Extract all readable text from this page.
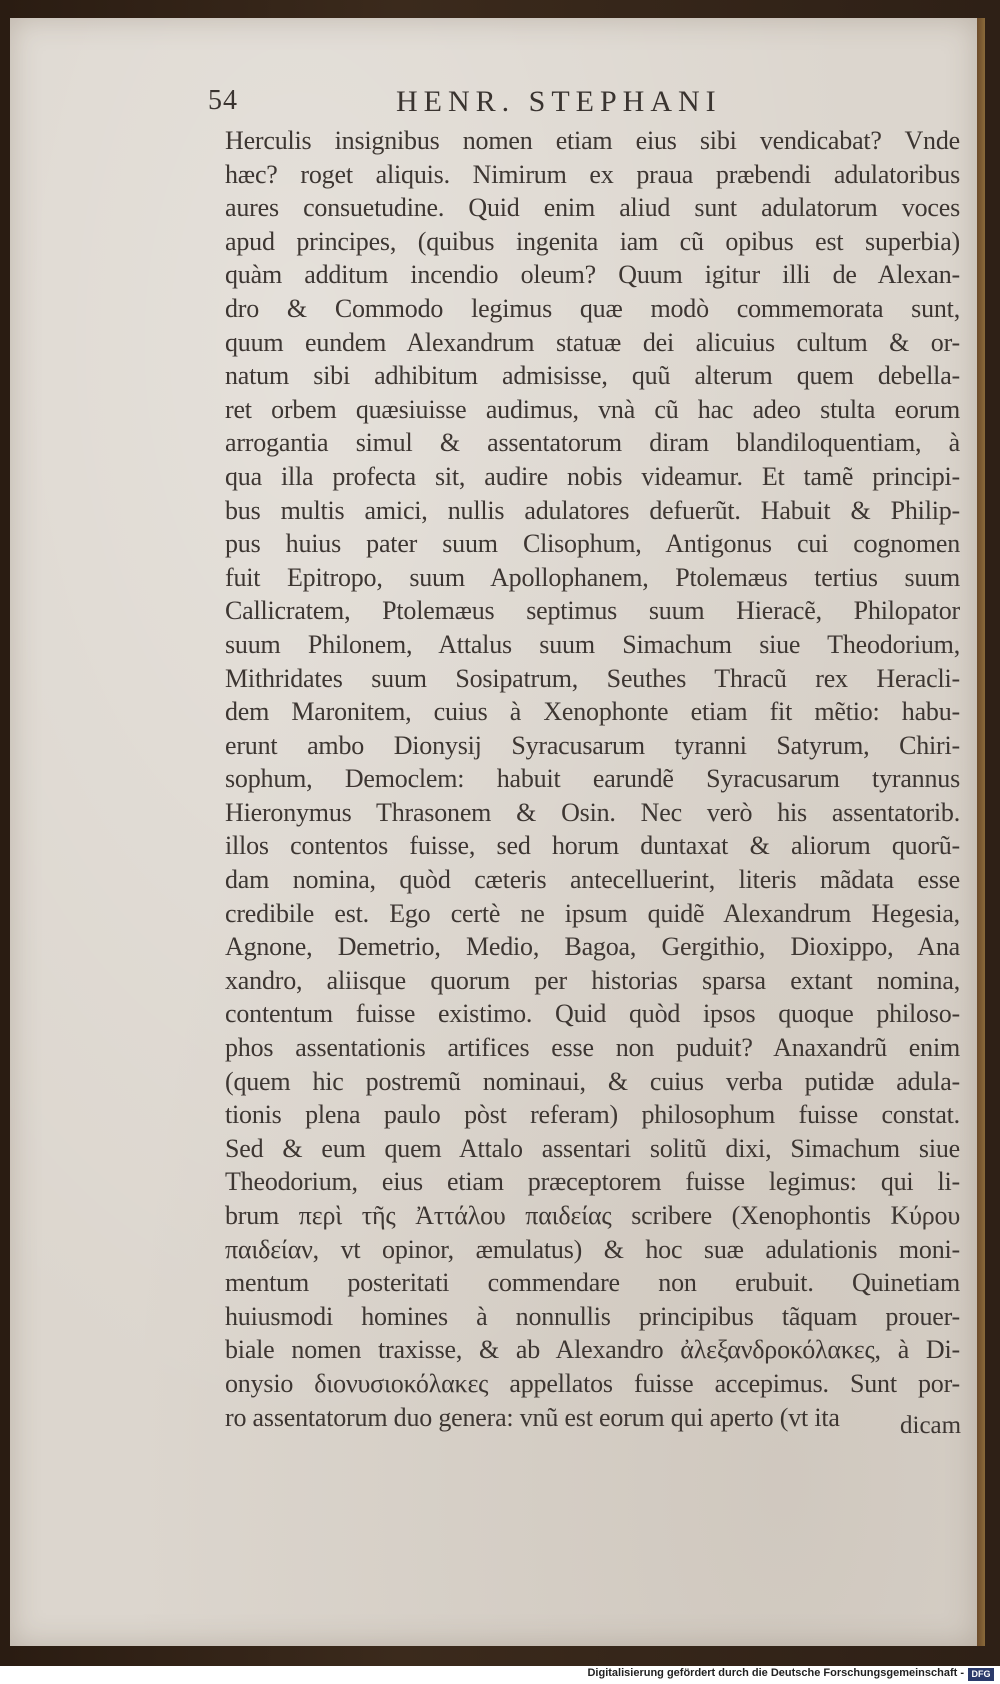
54	HENR. STEPHANI
Herculis insignibus nomen etiam eius sibi vendicabat? Vnde
hæc? roget aliquis. Nimirum ex praua præbendi adulatoribus
aures consuetudine. Quid enim aliud sunt adulatorum voces
apud principes, (quibus ingenita iam cũ opibus est superbia)
quàm additum incendio oleum? Quum igitur illi de Alexan-
dro & Commodo legimus quæ modò commemorata sunt,
quum eundem Alexandrum statuæ dei alicuius cultum & or-
natum sibi adhibitum admisisse, quũ alterum quem debella-
ret orbem quæsiuisse audimus, vnà cũ hac adeo stulta eorum
arrogantia simul & assentatorum diram blandiloquentiam, à
qua illa profecta sit, audire nobis videamur. Et tamẽ principi-
bus multis amici, nullis adulatores defuerũt. Habuit & Philip-
pus huius pater suum Clisophum, Antigonus cui cognomen
fuit Epitropo, suum Apollophanem, Ptolemæus tertius suum
Callicratem, Ptolemæus septimus suum Hieracẽ, Philopator
suum Philonem, Attalus suum Simachum siue Theodorium,
Mithridates suum Sosipatrum, Seuthes Thracũ rex Heracli-
dem Maronitem, cuius à Xenophonte etiam fit mẽtio: habu-
erunt ambo Dionysij Syracusarum tyranni Satyrum, Chiri-
sophum, Democlem: habuit earundẽ Syracusarum tyrannus
Hieronymus Thrasonem & Osin. Nec verò his assentatorib.
illos contentos fuisse, sed horum duntaxat & aliorum quorũ-
dam nomina, quòd cæteris antecelluerint, literis mãdata esse
credibile est. Ego certè ne ipsum quidẽ Alexandrum Hegesia,
Agnone, Demetrio, Medio, Bagoa, Gergithio, Dioxippo, Ana
xandro, aliisque quorum per historias sparsa extant nomina,
contentum fuisse existimo. Quid quòd ipsos quoque philoso-
phos assentationis artifices esse non puduit? Anaxandrũ enim
(quem hic postremũ nominaui, & cuius verba putidæ adula-
tionis plena paulo pòst referam) philosophum fuisse constat.
Sed & eum quem Attalo assentari solitũ dixi, Simachum siue
Theodorium, eius etiam præceptorem fuisse legimus: qui li-
brum περὶ τῆς Ἀττάλου παιδείας scribere (Xenophontis Κύρου
παιδείαν, vt opinor, æmulatus) & hoc suæ adulationis moni-
mentum posteritati commendare non erubuit. Quinetiam
huiusmodi homines à nonnullis principibus tãquam prouer-
biale nomen traxisse, & ab Alexandro ἀλεξανδροκόλακες, à Di-
onysio διονυσιοκόλακες appellatos fuisse accepimus. Sunt por-
ro assentatorum duo genera: vnũ est eorum qui aperto (vt ita	dicam
Digitalisierung gefördert durch die Deutsche Forschungsgemeinschaft - DFG
